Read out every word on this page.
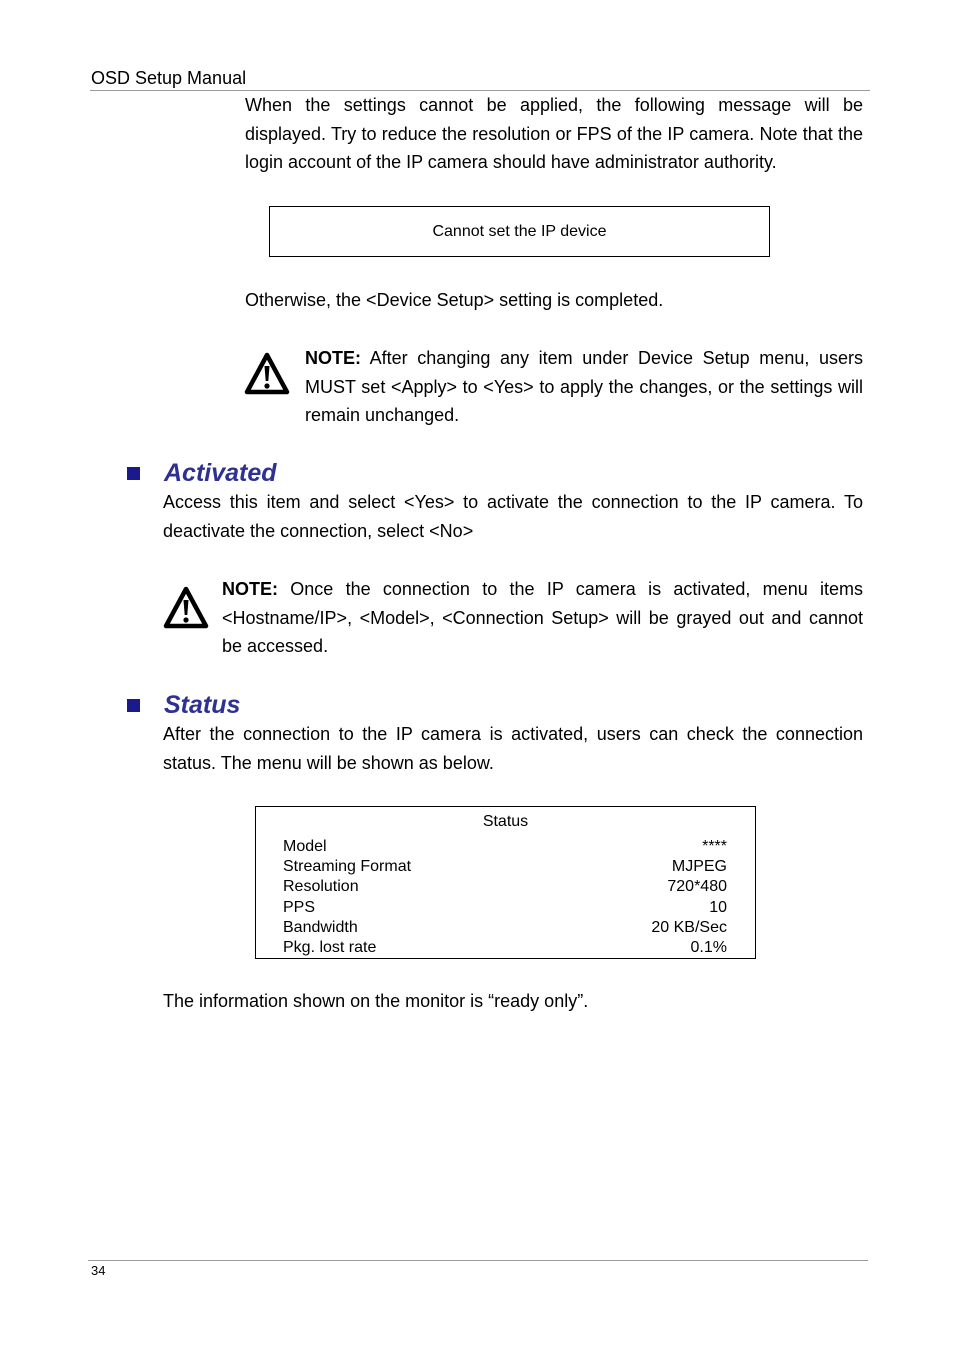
OSD Setup Manual
When the settings cannot be applied, the following message will be displayed. Try to reduce the resolution or FPS of the IP camera. Note that the login account of the IP camera should have administrator authority.
Cannot set the IP device
Otherwise, the <Device Setup> setting is completed.
NOTE: After changing any item under Device Setup menu, users MUST set <Apply> to <Yes> to apply the changes, or the settings will remain unchanged.
Activated
Access this item and select <Yes> to activate the connection to the IP camera. To deactivate the connection, select <No>
NOTE: Once the connection to the IP camera is activated, menu items <Hostname/IP>, <Model>, <Connection Setup> will be grayed out and cannot be accessed.
Status
After the connection to the IP camera is activated, users can check the connection status. The menu will be shown as below.
Status
Model	****
Streaming Format	MJPEG
Resolution	720*480
PPS	10
Bandwidth	20 KB/Sec
Pkg. lost rate	0.1%
The information shown on the monitor is “ready only”.
34
